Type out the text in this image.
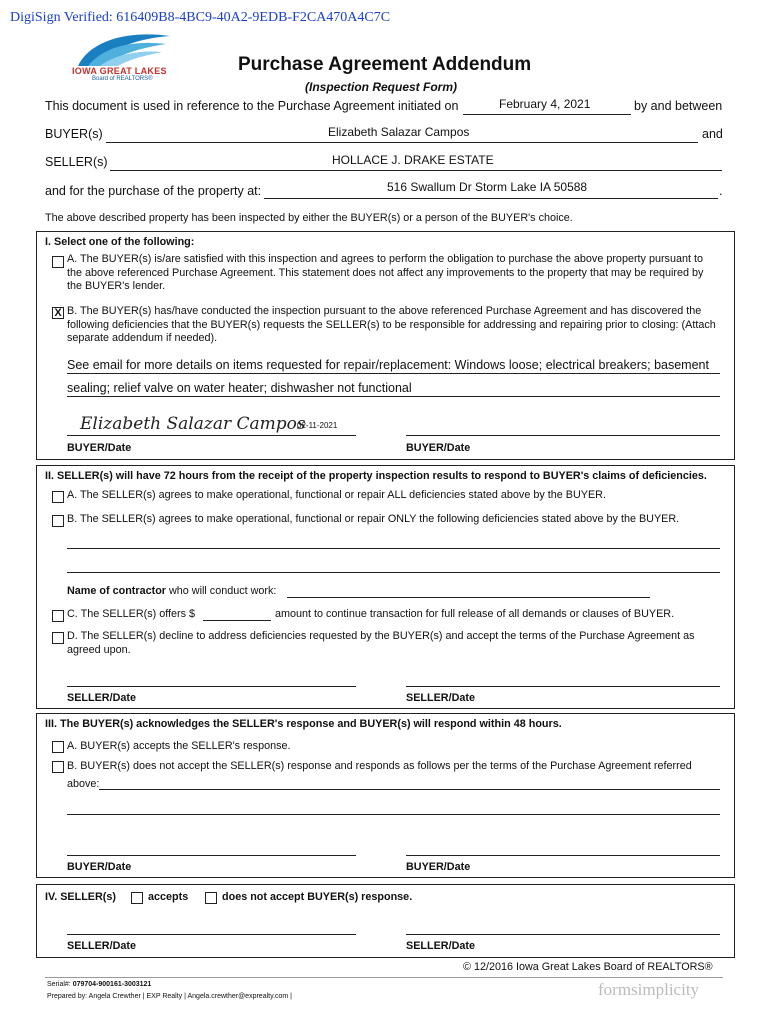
DigiSign Verified: 616409B8-4BC9-40A2-9EDB-F2CA470A4C7C
IOWA GREAT LAKES
Board of REALTORS®
Purchase Agreement Addendum
(Inspection Request Form)
This document is used in reference to the Purchase Agreement initiated on	February 4, 2021	by and between
BUYER(s)	Elizabeth Salazar Campos	and
SELLER(s)	HOLLACE J. DRAKE ESTATE
and for the purchase of the property at:	516 Swallum Dr Storm Lake IA 50588	.
The above described property has been inspected by either the BUYER(s) or a person of the BUYER's choice.
I. Select one of the following:
A. The BUYER(s) is/are satisfied with this inspection and agrees to perform the obligation to purchase the above property pursuant to the above referenced Purchase Agreement. This statement does not affect any improvements to the property that may be required by the BUYER's lender.
X B. The BUYER(s) has/have conducted the inspection pursuant to the above referenced Purchase Agreement and has discovered the following deficiencies that the BUYER(s) requests the SELLER(s) to be responsible for addressing and repairing prior to closing: (Attach separate addendum if needed).
See email for more details on items requested for repair/replacement: Windows loose; electrical breakers; basement
sealing; relief valve on water heater; dishwasher not functional
Elizabeth Salazar Campos
02-11-2021
BUYER/Date	BUYER/Date
II. SELLER(s) will have 72 hours from the receipt of the property inspection results to respond to BUYER's claims of deficiencies.
A. The SELLER(s) agrees to make operational, functional or repair ALL deficiencies stated above by the BUYER.
B. The SELLER(s) agrees to make operational, functional or repair ONLY the following deficiencies stated above by the BUYER.
Name of contractor who will conduct work:
C. The SELLER(s) offers $	amount to continue transaction for full release of all demands or clauses of BUYER.
D. The SELLER(s) decline to address deficiencies requested by the BUYER(s) and accept the terms of the Purchase Agreement as agreed upon.
SELLER/Date	SELLER/Date
III. The BUYER(s) acknowledges the SELLER's response and BUYER(s) will respond within 48 hours.
A. BUYER(s) accepts the SELLER's response.
B. BUYER(s) does not accept the SELLER(s) response and responds as follows per the terms of the Purchase Agreement referred
above:
BUYER/Date	BUYER/Date
IV. SELLER(s)	accepts	does not accept BUYER(s) response.
SELLER/Date	SELLER/Date
© 12/2016 Iowa Great Lakes Board of REALTORS®
Serial#: 079704-900161-3003121
Prepared by: Angela Crewther | EXP Realty | Angela.crewther@exprealty.com |	formsimplicity
